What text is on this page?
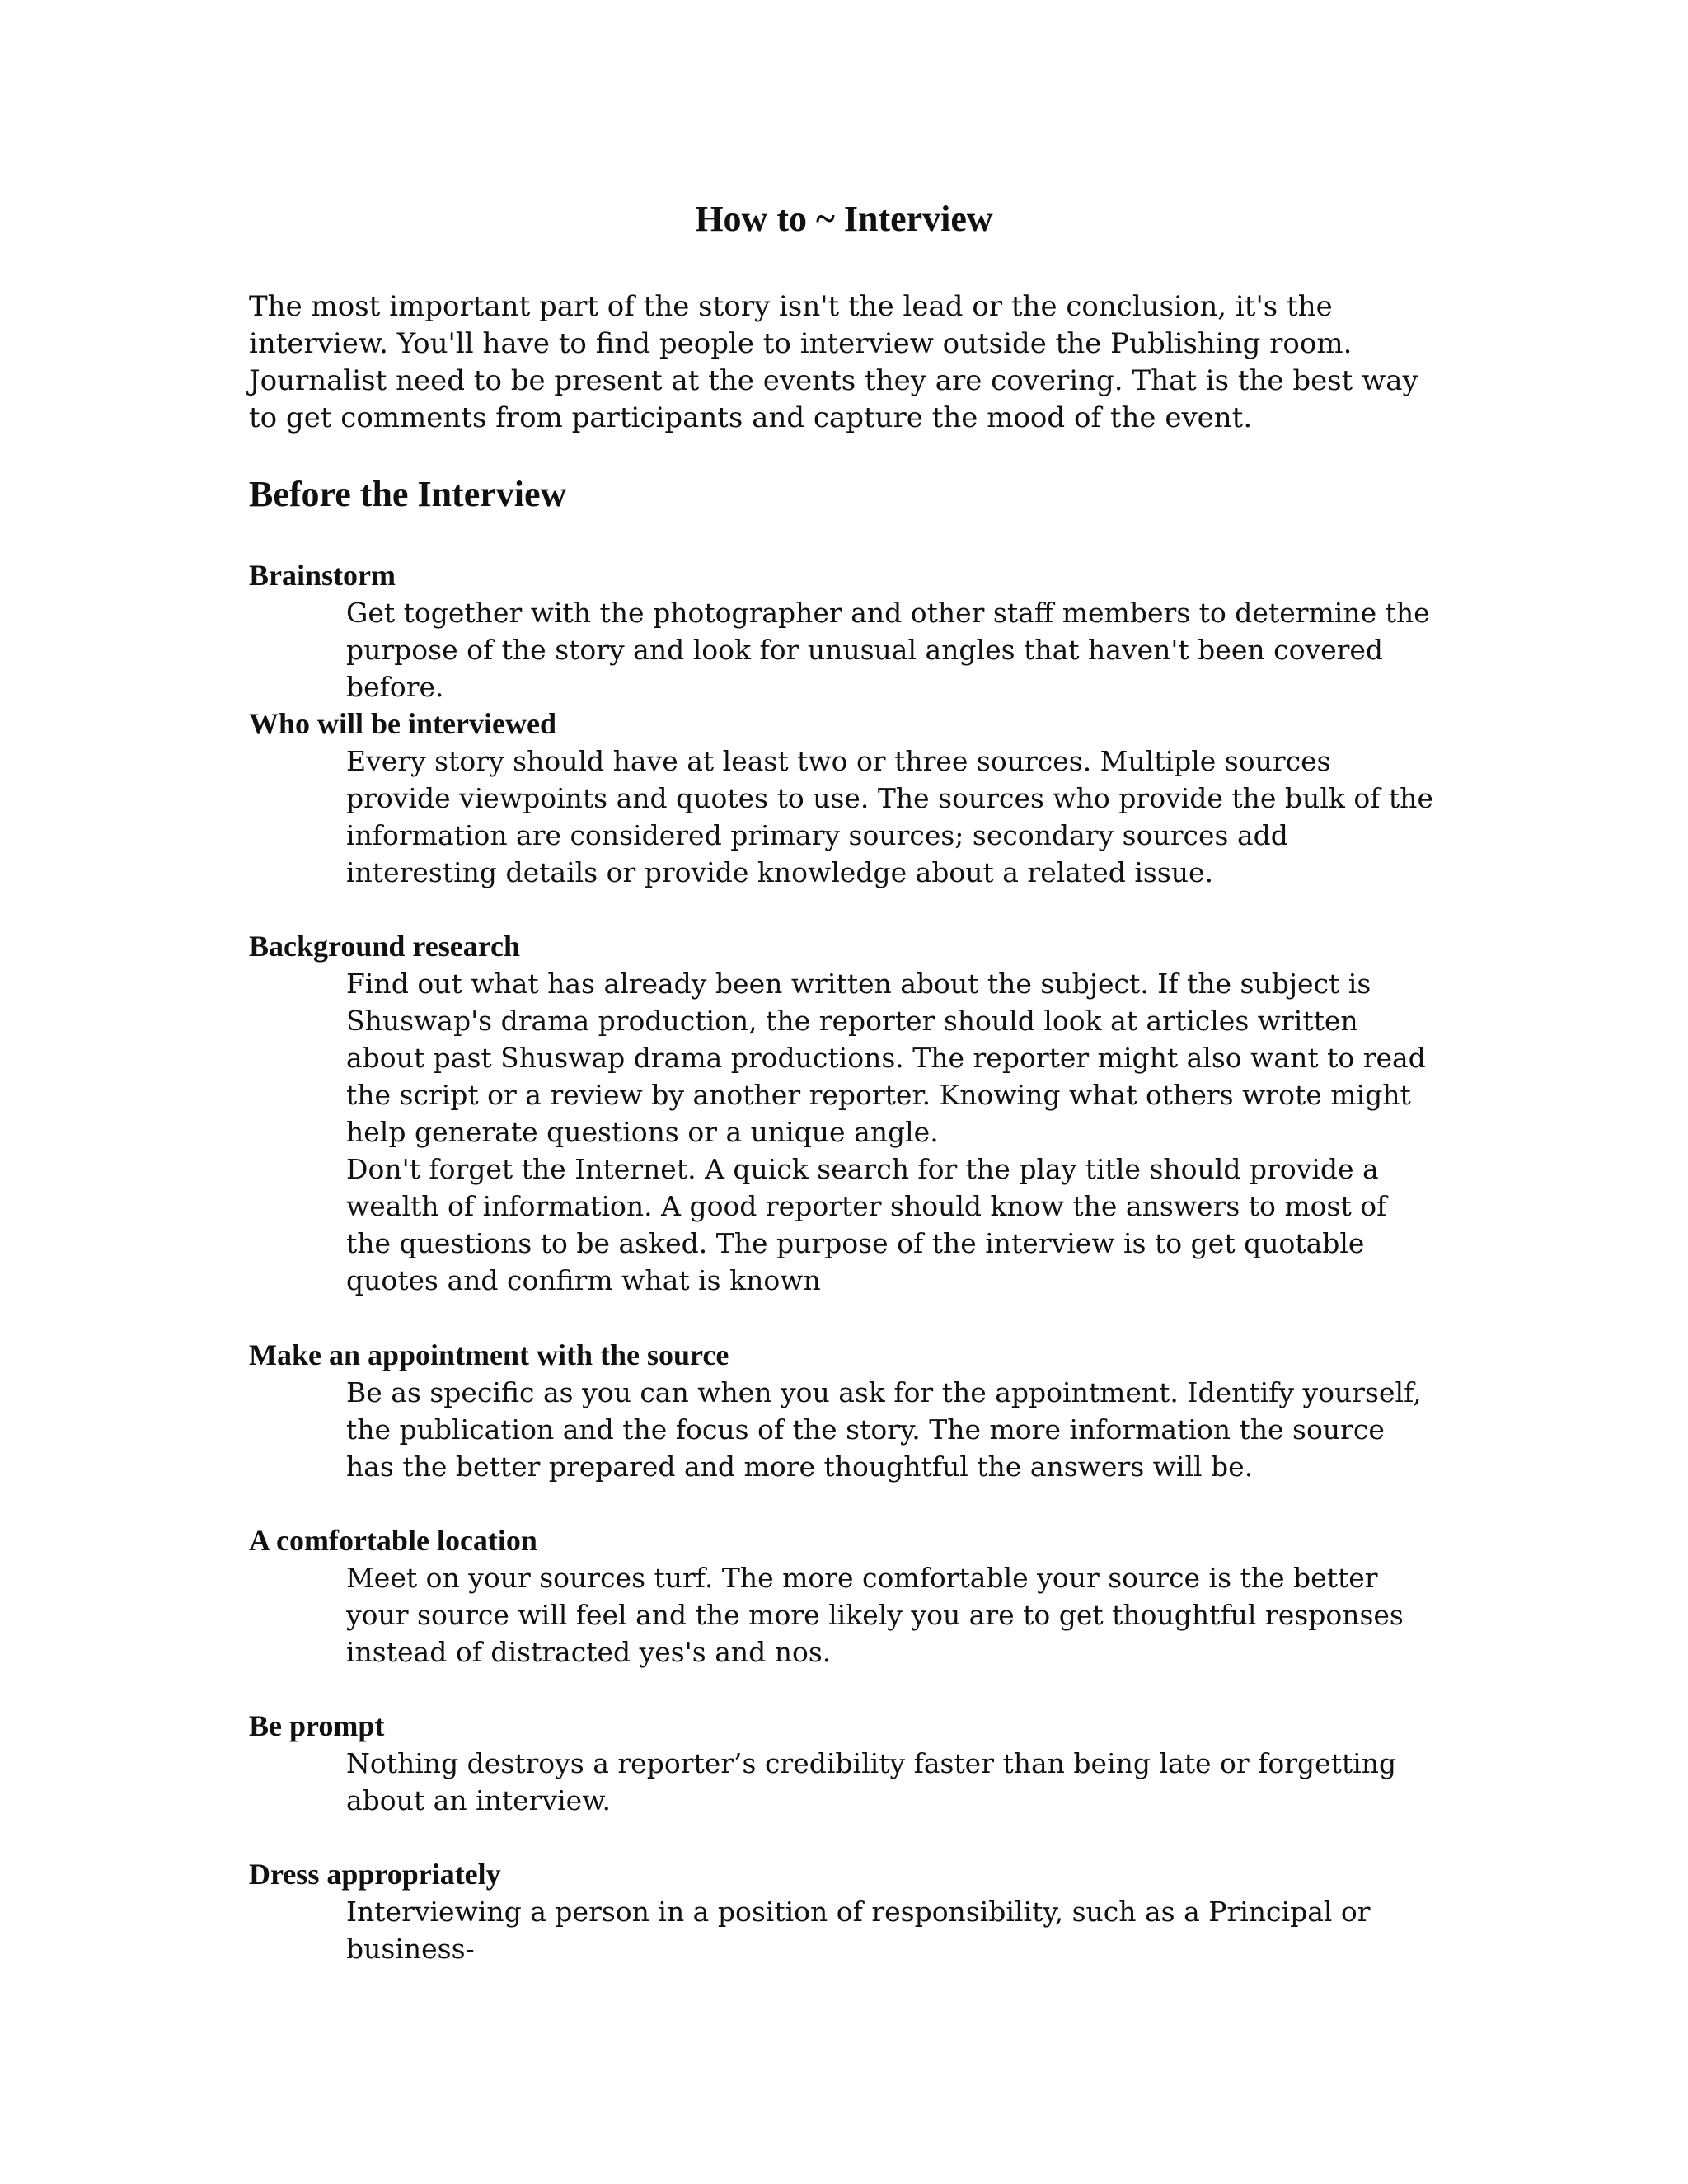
How to ~ Interview

The most important part of the story isn't the lead or the conclusion, it's the interview. You'll have to find people to interview outside the Publishing room. Journalist need to be present at the events they are covering. That is the best way to get comments from participants and capture the mood of the event.

Before the Interview
Brainstorm

Get together with the photographer and other staff members to determine the purpose of the story and look for unusual angles that haven't been covered before.

Who will be interviewed

Every story should have at least two or three sources. Multiple sources provide viewpoints and quotes to use. The sources who provide the bulk of the information are considered primary sources; secondary sources add interesting details or provide knowledge about a related issue.

Background research

Find out what has already been written about the subject. If the subject is Shuswap's drama production, the reporter should look at articles written about past Shuswap drama productions. The reporter might also want to read the script or a review by another reporter. Knowing what others wrote might help generate questions or a unique angle.

Don't forget the Internet. A quick search for the play title should provide a wealth of information. A good reporter should know the answers to most of the questions to be asked. The purpose of the interview is to get quotable quotes and confirm what is known

Make an appointment with the source

Be as specific as you can when you ask for the appointment. Identify yourself, the publication and the focus of the story. The more information the source has the better prepared and more thoughtful the answers will be.

A comfortable location

Meet on your sources turf. The more comfortable your source is the better your source will feel and the more likely you are to get thoughtful responses instead of distracted yes's and nos.

Be prompt

Nothing destroys a reporter’s credibility faster than being late or forgetting about an interview.

Dress appropriately

Interviewing a person in a position of responsibility, such as a Principal or business-
